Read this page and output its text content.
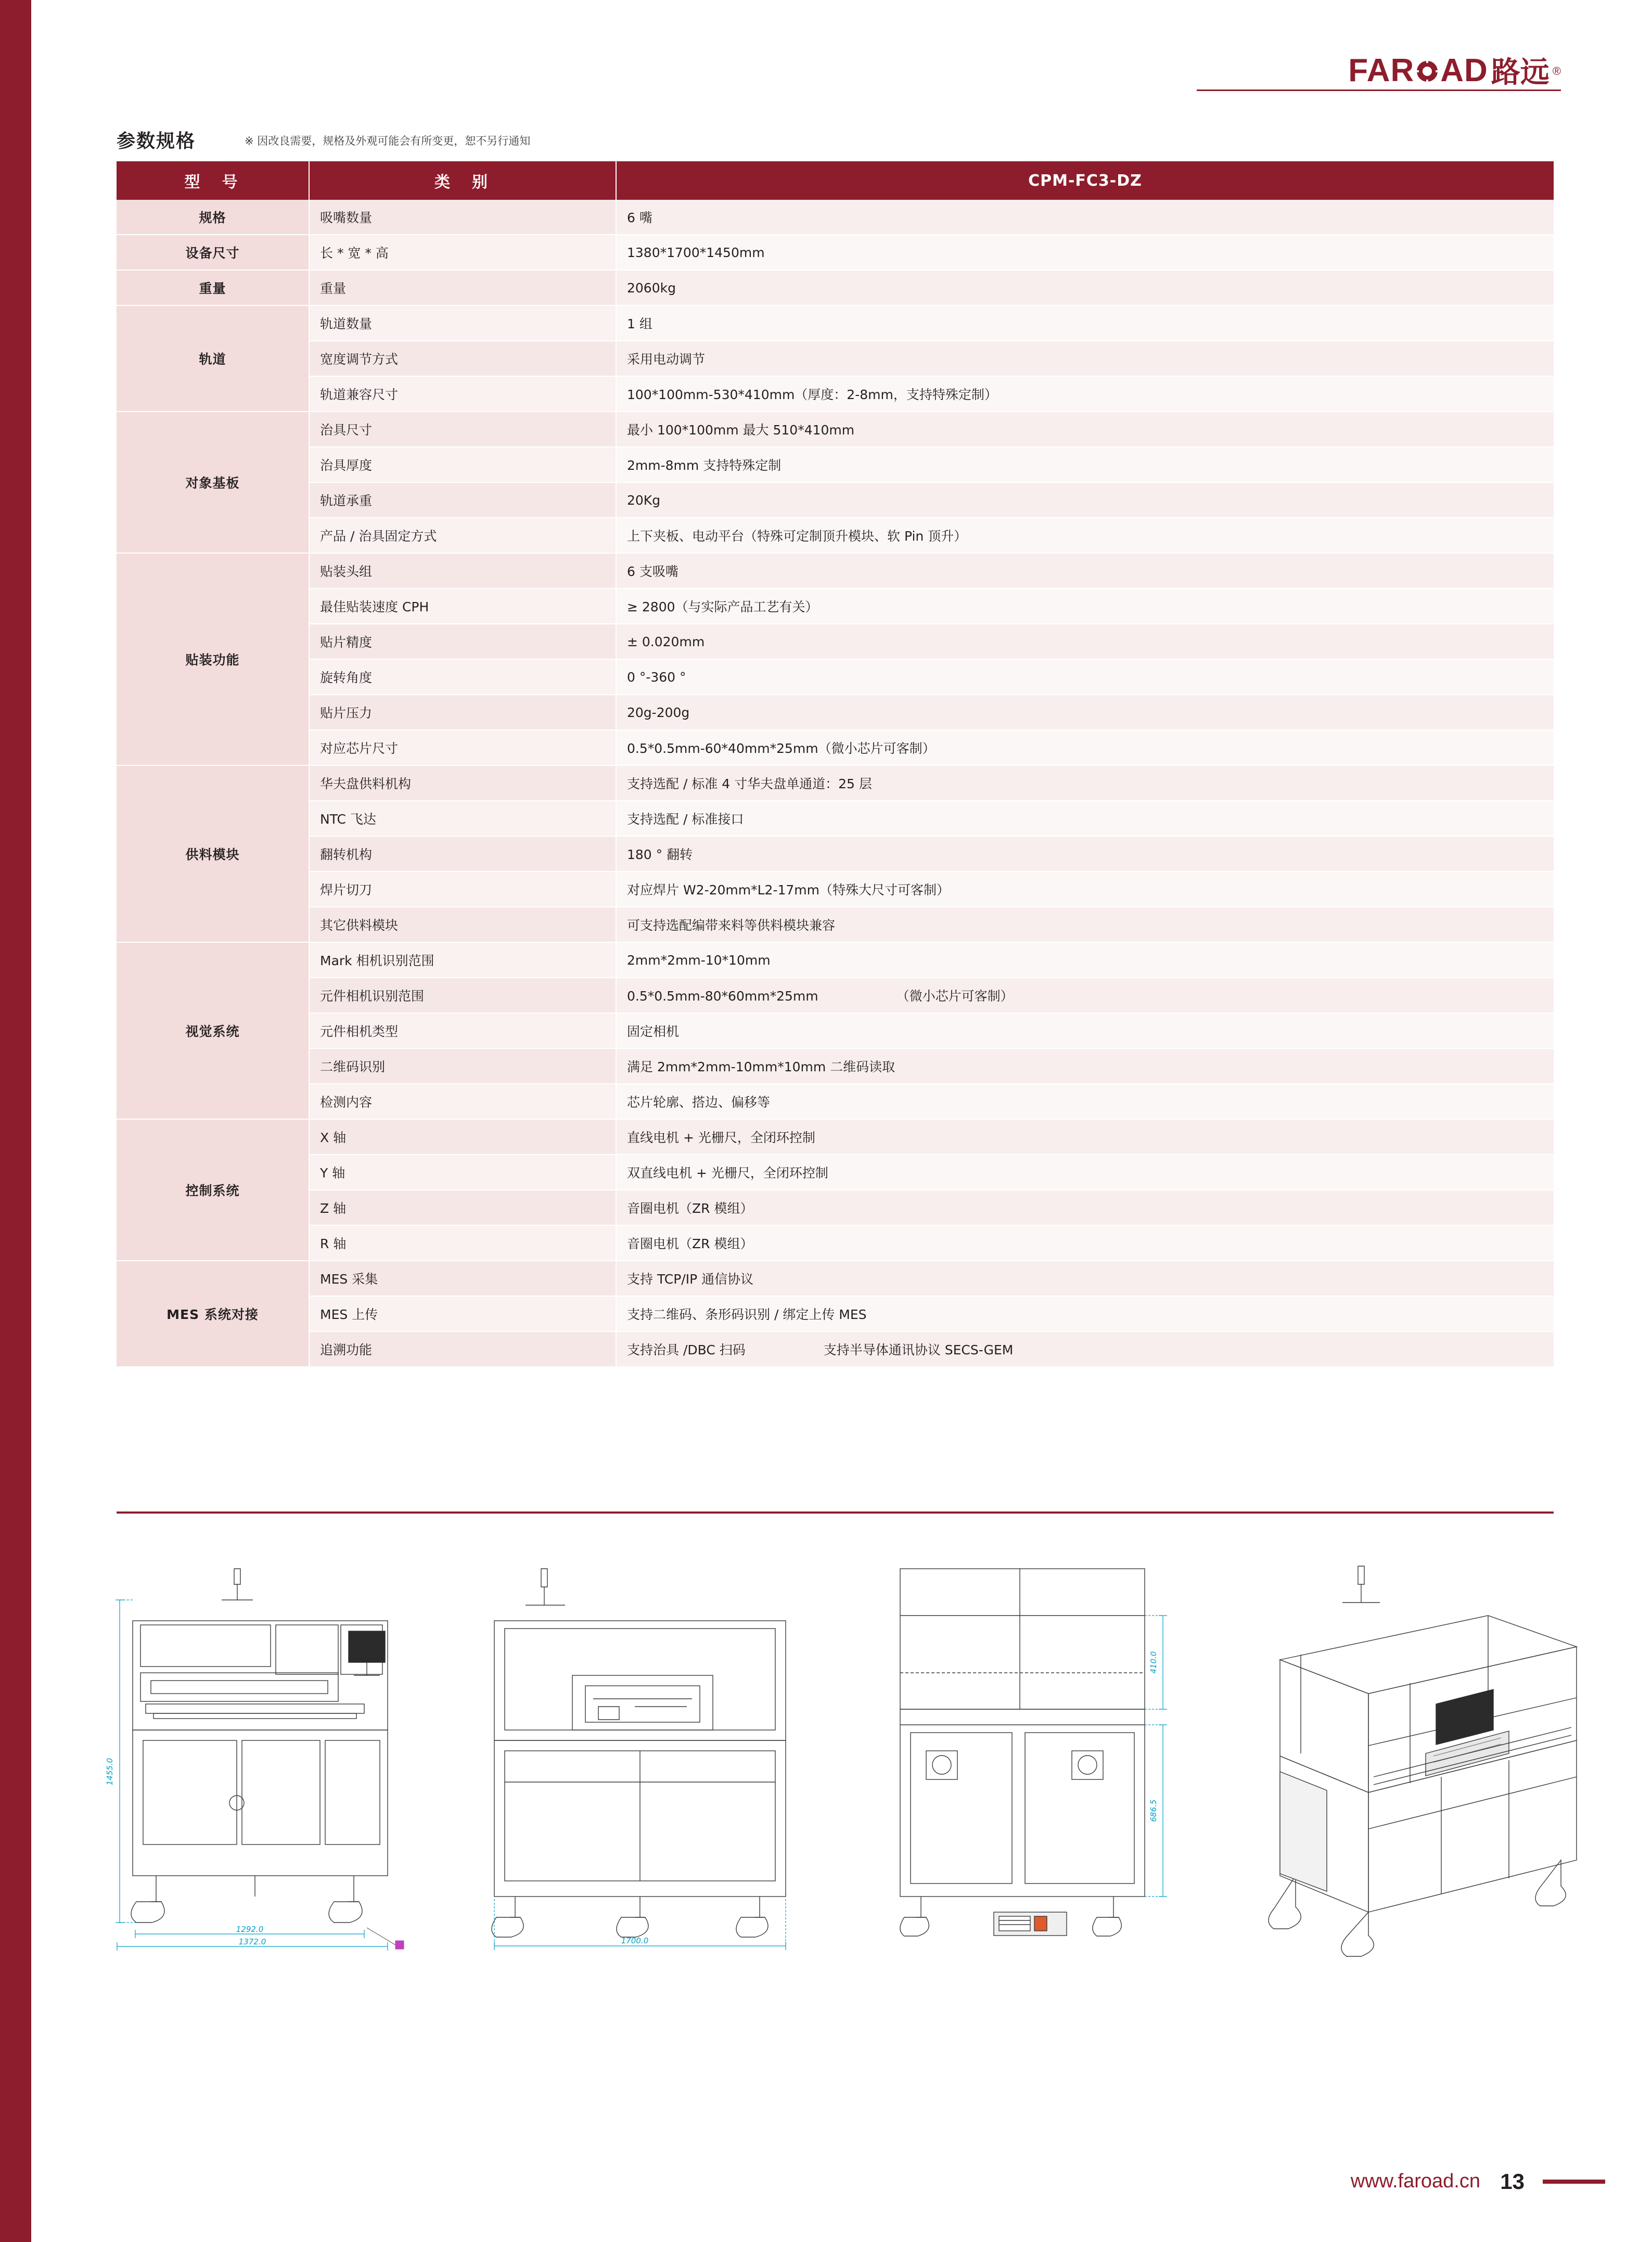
FAR AD 路远 ®
参数规格	※ 因改良需要，规格及外观可能会有所变更，恕不另行通知
型　号	类　别	CPM-FC3-DZ
规格	吸嘴数量	6 嘴
设备尺寸	长 * 宽 * 高	1380*1700*1450mm
重量	重量	2060kg
轨道	轨道数量	1 组
	宽度调节方式	采用电动调节
	轨道兼容尺寸	100*100mm-530*410mm（厚度：2-8mm，支持特殊定制）
对象基板	治具尺寸	最小 100*100mm 最大 510*410mm
	治具厚度	2mm-8mm 支持特殊定制
	轨道承重	20Kg
	产品 / 治具固定方式	上下夹板、电动平台（特殊可定制顶升模块、软 Pin 顶升）
贴装功能	贴装头组	6 支吸嘴
	最佳贴装速度 CPH	≥ 2800（与实际产品工艺有关）
	贴片精度	± 0.020mm
	旋转角度	0 °-360 °
	贴片压力	20g-200g
	对应芯片尺寸	0.5*0.5mm-60*40mm*25mm（微小芯片可客制）
供料模块	华夫盘供料机构	支持选配 / 标准 4 寸华夫盘单通道：25 层
	NTC 飞达	支持选配 / 标准接口
	翻转机构	180 ° 翻转
	焊片切刀	对应焊片 W2-20mm*L2-17mm（特殊大尺寸可客制）
	其它供料模块	可支持选配编带来料等供料模块兼容
视觉系统	Mark 相机识别范围	2mm*2mm-10*10mm
	元件相机识别范围	0.5*0.5mm-80*60mm*25mm （微小芯片可客制）
	元件相机类型	固定相机
	二维码识别	满足 2mm*2mm-10mm*10mm 二维码读取
	检测内容	芯片轮廓、搭边、偏移等
控制系统	X 轴	直线电机 + 光栅尺，全闭环控制
	Y 轴	双直线电机 + 光栅尺，全闭环控制
	Z 轴	音圈电机（ZR 模组）
	R 轴	音圈电机（ZR 模组）
MES 系统对接	MES 采集	支持 TCP/IP 通信协议
	MES 上传	支持二维码、条形码识别 / 绑定上传 MES
	追溯功能	支持治具 /DBC 扫码 支持半导体通讯协议 SECS-GEM
1455.0
1292.0
1372.0	1700.0
410.0
686.5
www.faroad.cn 13
